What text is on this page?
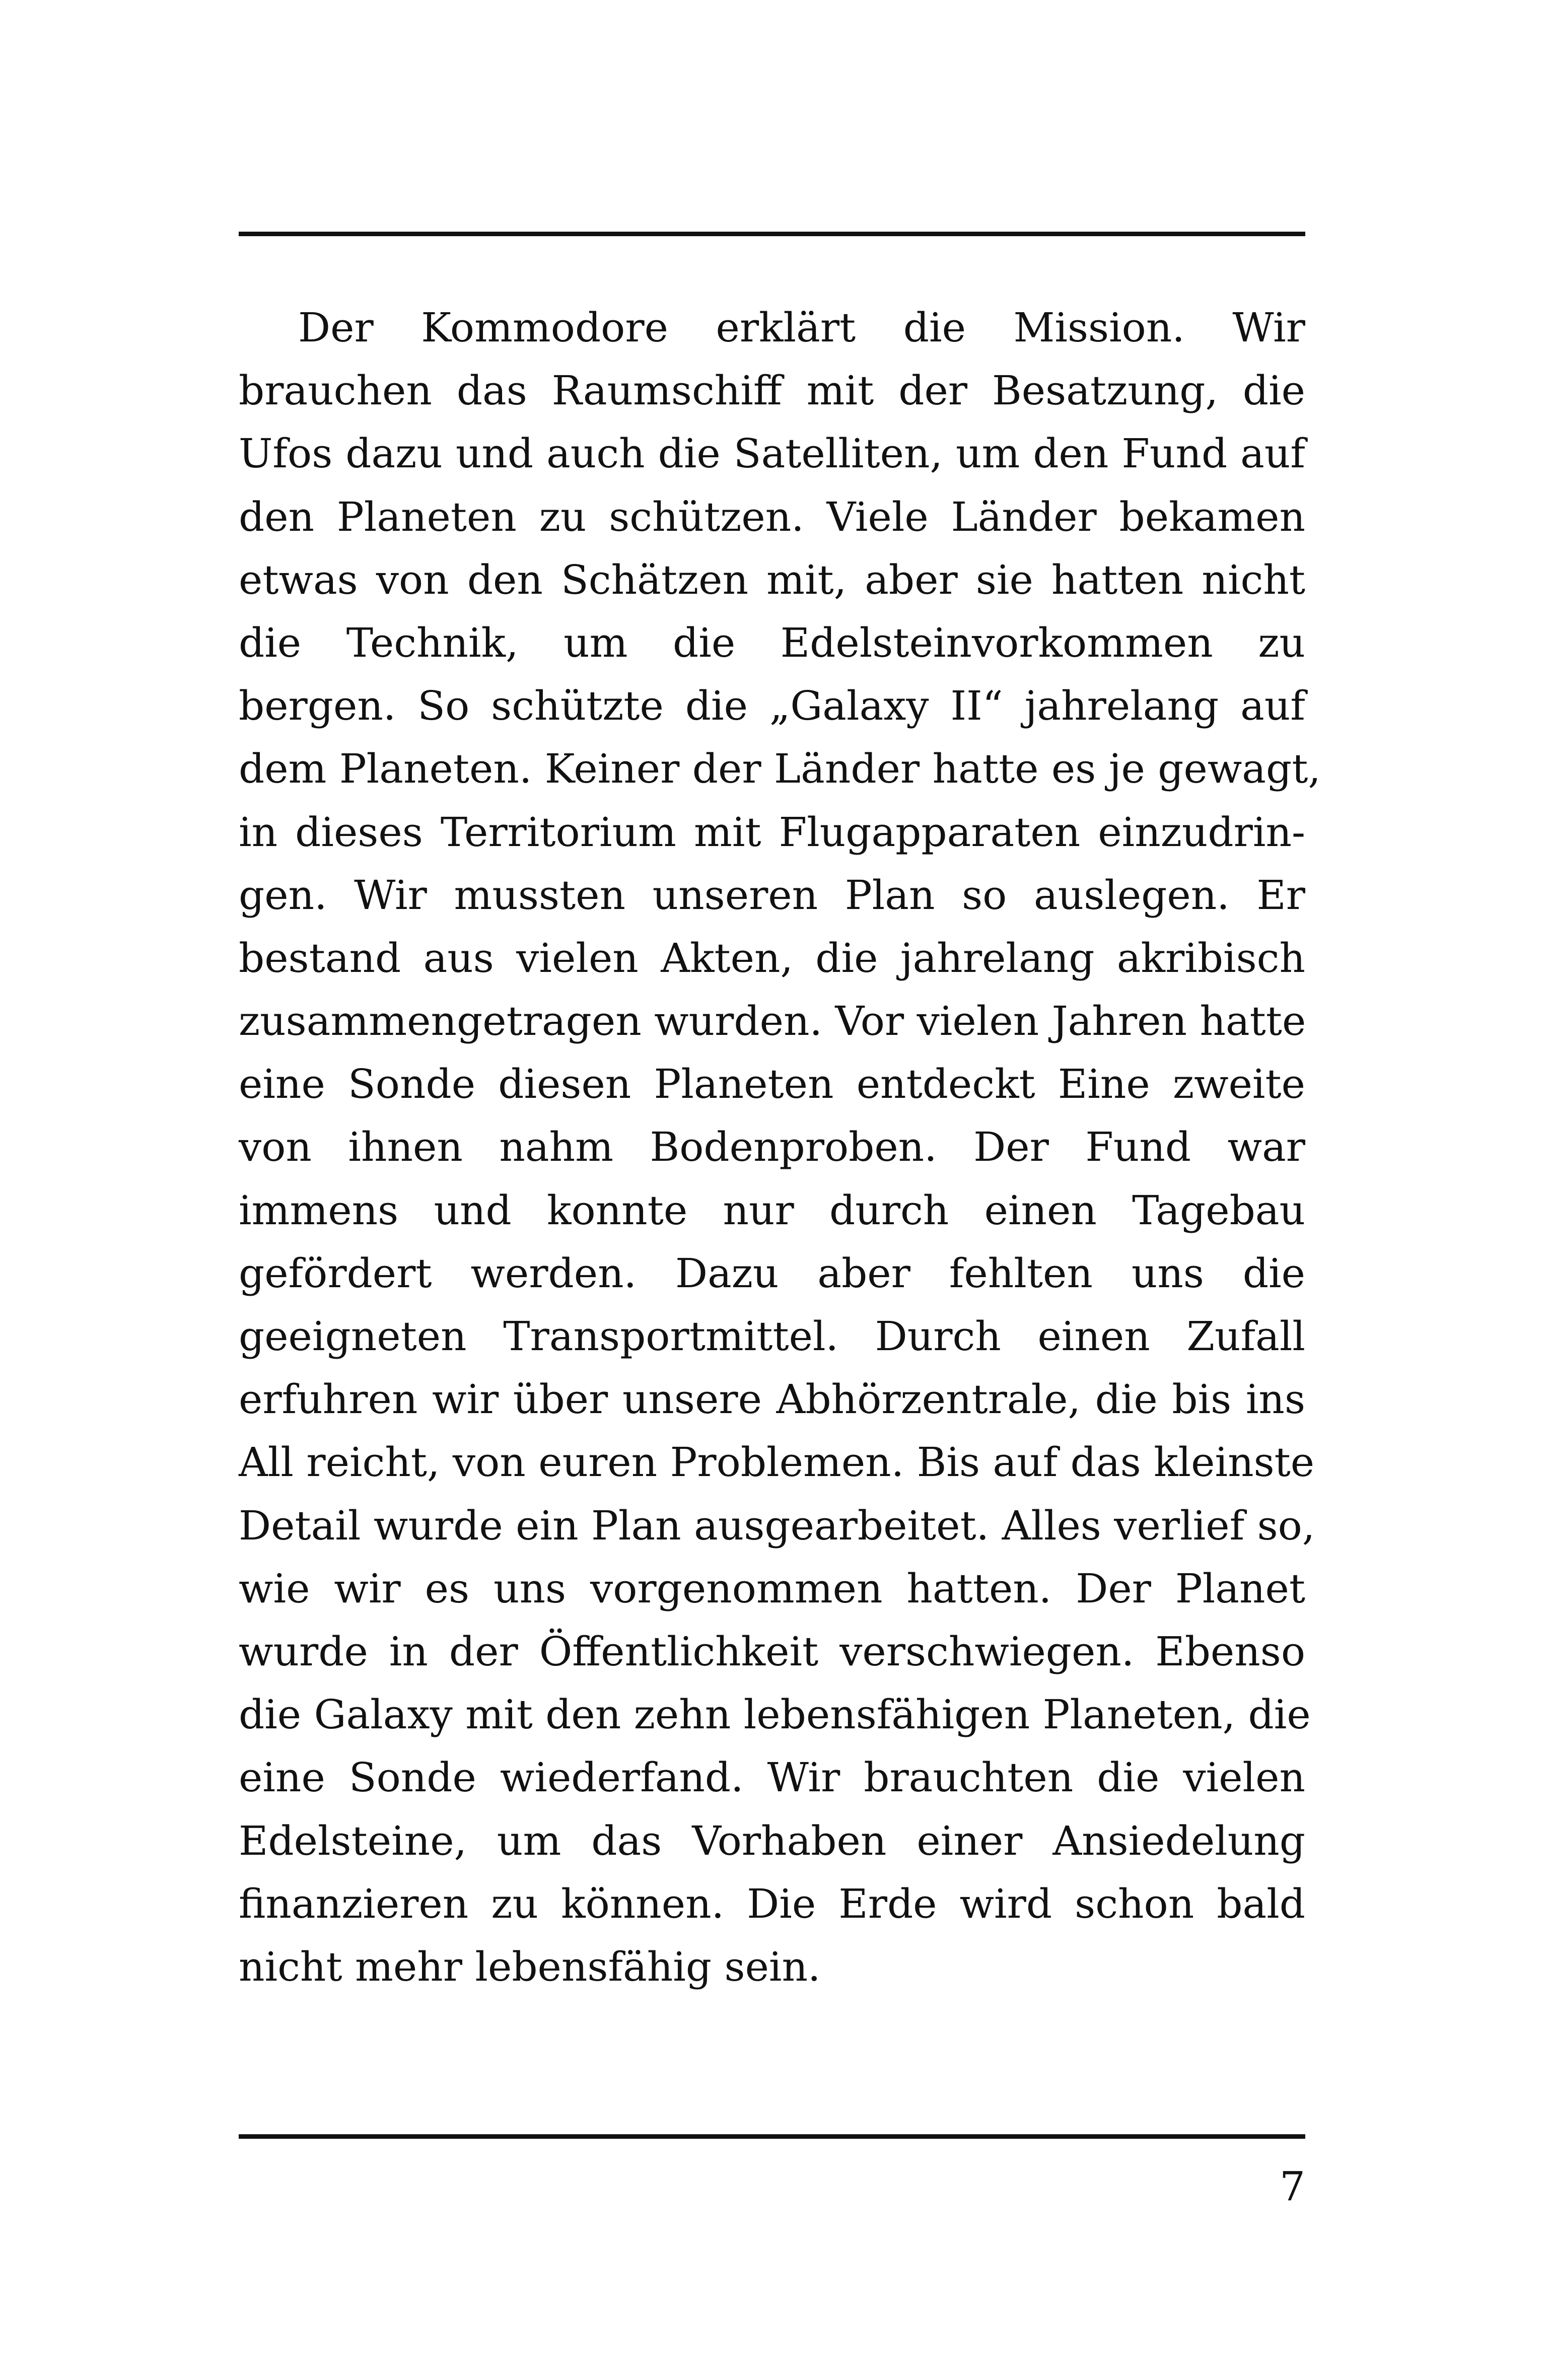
Der Kommodore erklärt die Mission. Wir
brauchen das Raumschiff mit der Besatzung, die
Ufos dazu und auch die Satelliten, um den Fund auf
den Planeten zu schützen. Viele Länder bekamen
etwas von den Schätzen mit, aber sie hatten nicht
die Technik, um die Edelsteinvorkommen zu
bergen. So schützte die „Galaxy II“ jahrelang auf
dem Planeten. Keiner der Länder hatte es je gewagt,
in dieses Territorium mit Flugapparaten einzudrin-
gen. Wir mussten unseren Plan so auslegen. Er
bestand aus vielen Akten, die jahrelang akribisch
zusammengetragen wurden. Vor vielen Jahren hatte
eine Sonde diesen Planeten entdeckt Eine zweite
von ihnen nahm Bodenproben. Der Fund war
immens und konnte nur durch einen Tagebau
gefördert werden. Dazu aber fehlten uns die
geeigneten Transportmittel. Durch einen Zufall
erfuhren wir über unsere Abhörzentrale, die bis ins
All reicht, von euren Problemen. Bis auf das kleinste
Detail wurde ein Plan ausgearbeitet. Alles verlief so,
wie wir es uns vorgenommen hatten. Der Planet
wurde in der Öffentlichkeit verschwiegen. Ebenso
die Galaxy mit den zehn lebensfähigen Planeten, die
eine Sonde wiederfand. Wir brauchten die vielen
Edelsteine, um das Vorhaben einer Ansiedelung
finanzieren zu können. Die Erde wird schon bald
nicht mehr lebensfähig sein.
7
